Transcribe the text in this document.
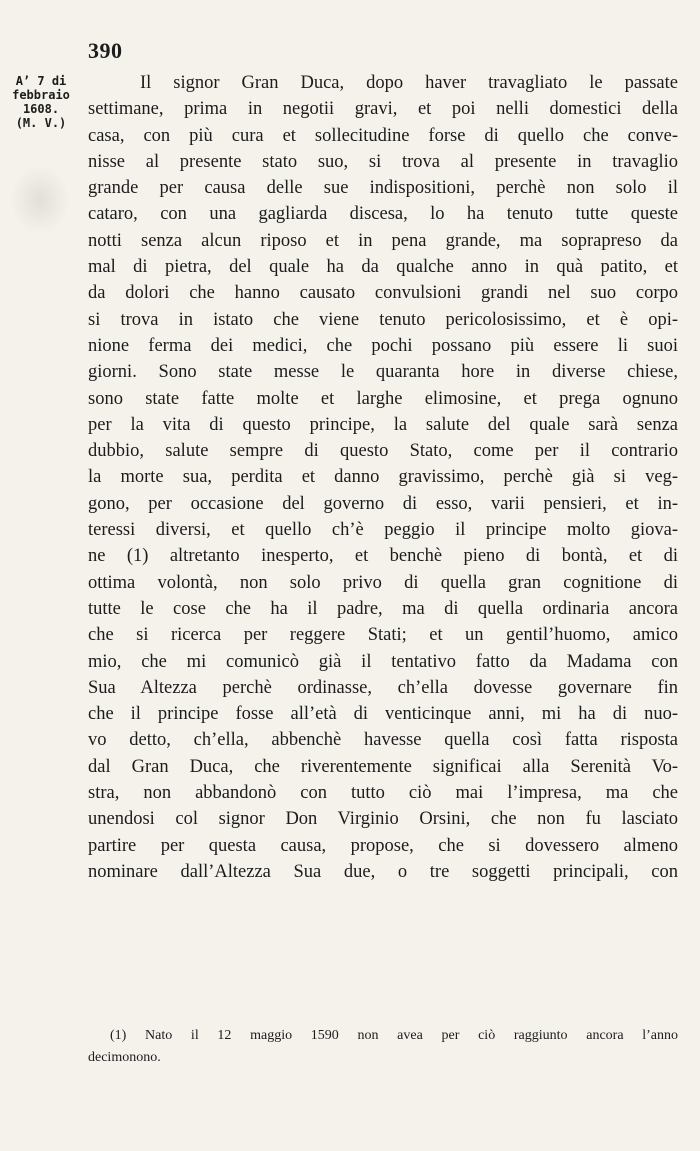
390
A’ 7 di
febbraio
1608.
(M. V.)
Il signor Gran Duca, dopo haver travagliato le passate
settimane, prima in negotii gravi, et poi nelli domestici della
casa, con più cura et sollecitudine forse di quello che conve-
nisse al presente stato suo, si trova al presente in travaglio
grande per causa delle sue indispositioni, perchè non solo il
cataro, con una gagliarda discesa, lo ha tenuto tutte queste
notti senza alcun riposo et in pena grande, ma soprapreso da
mal di pietra, del quale ha da qualche anno in quà patito, et
da dolori che hanno causato convulsioni grandi nel suo corpo
si trova in istato che viene tenuto pericolosissimo, et è opi-
nione ferma dei medici, che pochi possano più essere li suoi
giorni. Sono state messe le quaranta hore in diverse chiese,
sono state fatte molte et larghe elimosine, et prega ognuno
per la vita di questo principe, la salute del quale sarà senza
dubbio, salute sempre di questo Stato, come per il contrario
la morte sua, perdita et danno gravissimo, perchè già si veg-
gono, per occasione del governo di esso, varii pensieri, et in-
teressi diversi, et quello ch’è peggio il principe molto giova-
ne (1) altretanto inesperto, et benchè pieno di bontà, et di
ottima volontà, non solo privo di quella gran cognitione di
tutte le cose che ha il padre, ma di quella ordinaria ancora
che si ricerca per reggere Stati; et un gentil’huomo, amico
mio, che mi comunicò già il tentativo fatto da Madama con
Sua Altezza perchè ordinasse, ch’ella dovesse governare fin
che il principe fosse all’età di venticinque anni, mi ha di nuo-
vo detto, ch’ella, abbenchè havesse quella così fatta risposta
dal Gran Duca, che riverentemente significai alla Serenità Vo-
stra, non abbandonò con tutto ciò mai l’impresa, ma che
unendosi col signor Don Virginio Orsini, che non fu lasciato
partire per questa causa, propose, che si dovessero almeno
nominare dall’Altezza Sua due, o tre soggetti principali, con
(1) Nato il 12 maggio 1590 non avea per ciò raggiunto ancora l’anno
decimonono.
